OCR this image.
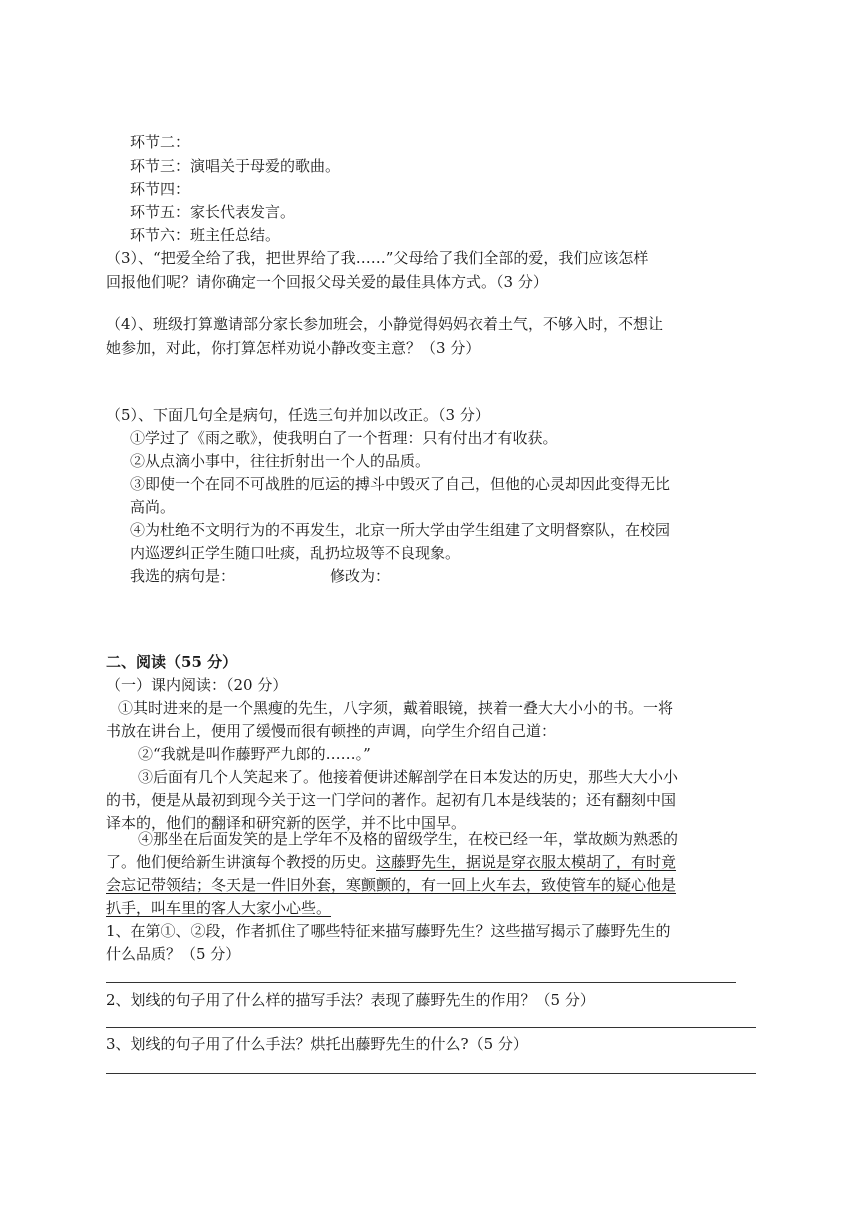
环节二：
环节三：演唱关于母爱的歌曲。
环节四：
环节五：家长代表发言。
环节六：班主任总结。
（3）、“把爱全给了我，把世界给了我……”父母给了我们全部的爱，我们应该怎样
回报他们呢？请你确定一个回报父母关爱的最佳具体方式。（3 分）
（4）、班级打算邀请部分家长参加班会，小静觉得妈妈衣着土气，不够入时，不想让
她参加，对此，你打算怎样劝说小静改变主意？（3 分）
（5）、下面几句全是病句，任选三句并加以改正。（3 分）
①学过了《雨之歌》，使我明白了一个哲理：只有付出才有收获。
②从点滴小事中，往往折射出一个人的品质。
③即使一个在同不可战胜的厄运的搏斗中毁灭了自己，但他的心灵却因此变得无比
高尚。
④为杜绝不文明行为的不再发生，北京一所大学由学生组建了文明督察队，在校园
内巡逻纠正学生随口吐痰，乱扔垃圾等不良现象。
我选的病句是：	修改为：
二、阅读（55 分）
（一）课内阅读：（20 分）
①其时进来的是一个黑瘦的先生，八字须，戴着眼镜，挟着一叠大大小小的书。一将
书放在讲台上，便用了缓慢而很有顿挫的声调，向学生介绍自己道：
②“我就是叫作藤野严九郎的……。”
③后面有几个人笑起来了。他接着便讲述解剖学在日本发达的历史，那些大大小小
的书，便是从最初到现今关于这一门学问的著作。起初有几本是线装的；还有翻刻中国
译本的，他们的翻译和研究新的医学，并不比中国早。
④那坐在后面发笑的是上学年不及格的留级学生，在校已经一年，掌故颇为熟悉的
了。他们便给新生讲演每个教授的历史。这藤野先生，据说是穿衣服太模胡了，有时竟
会忘记带领结；冬天是一件旧外套，寒颤颤的，有一回上火车去，致使管车的疑心他是
扒手，叫车里的客人大家小心些。
1、在第①、②段，作者抓住了哪些特征来描写藤野先生？这些描写揭示了藤野先生的
什么品质？（5 分）
2、划线的句子用了什么样的描写手法？表现了藤野先生的作用？（5 分）
3、划线的句子用了什么手法？烘托出藤野先生的什么?（5 分）
